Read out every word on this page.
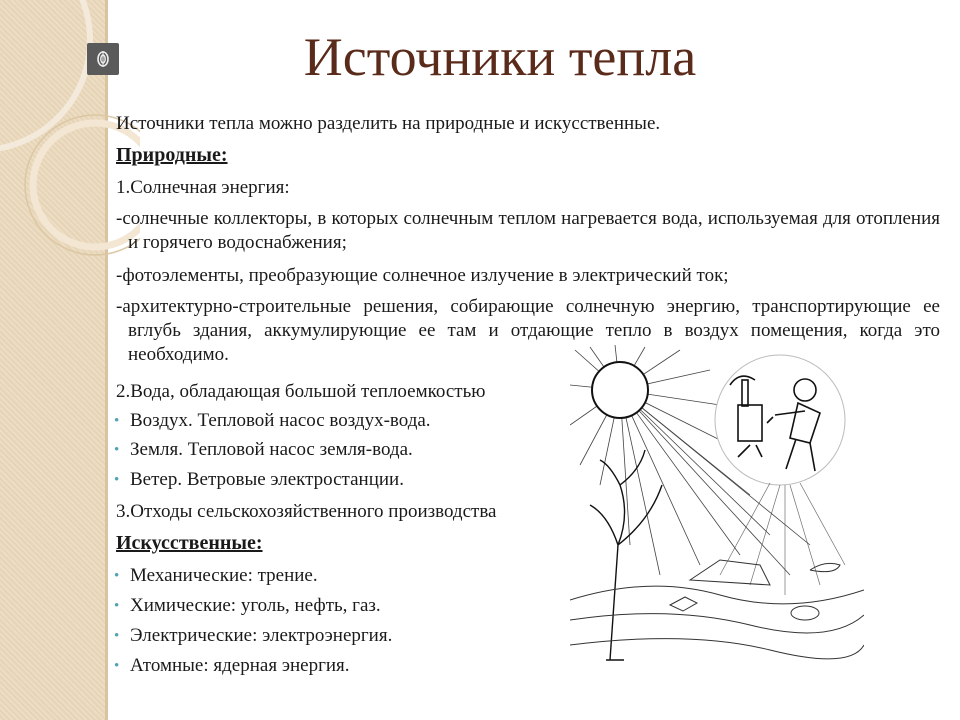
Источники тепла

Источники тепла можно разделить на природные и искусственные.

Природные:

1.Солнечная энергия:

-солнечные коллекторы, в которых солнечным теплом нагревается вода, используемая для отопления и горячего водоснабжения;

-фотоэлементы, преобразующие солнечное излучение в электрический ток;

-архитектурно-строительные решения, собирающие солнечную энергию, транспортирующие ее вглубь здания, аккумулирующие ее там и отдающие тепло в воздух помещения, когда это необходимо.

2.Вода, обладающая большой теплоемкостью

• Воздух. Тепловой насос воздух-вода.

• Земля. Тепловой насос земля-вода.

• Ветер. Ветровые электростанции.

3.Отходы сельскохозяйственного производства

Искусственные:

• Механические: трение.

• Химические: уголь, нефть, газ.

• Электрические: электроэнергия.

• Атомные: ядерная энергия.
